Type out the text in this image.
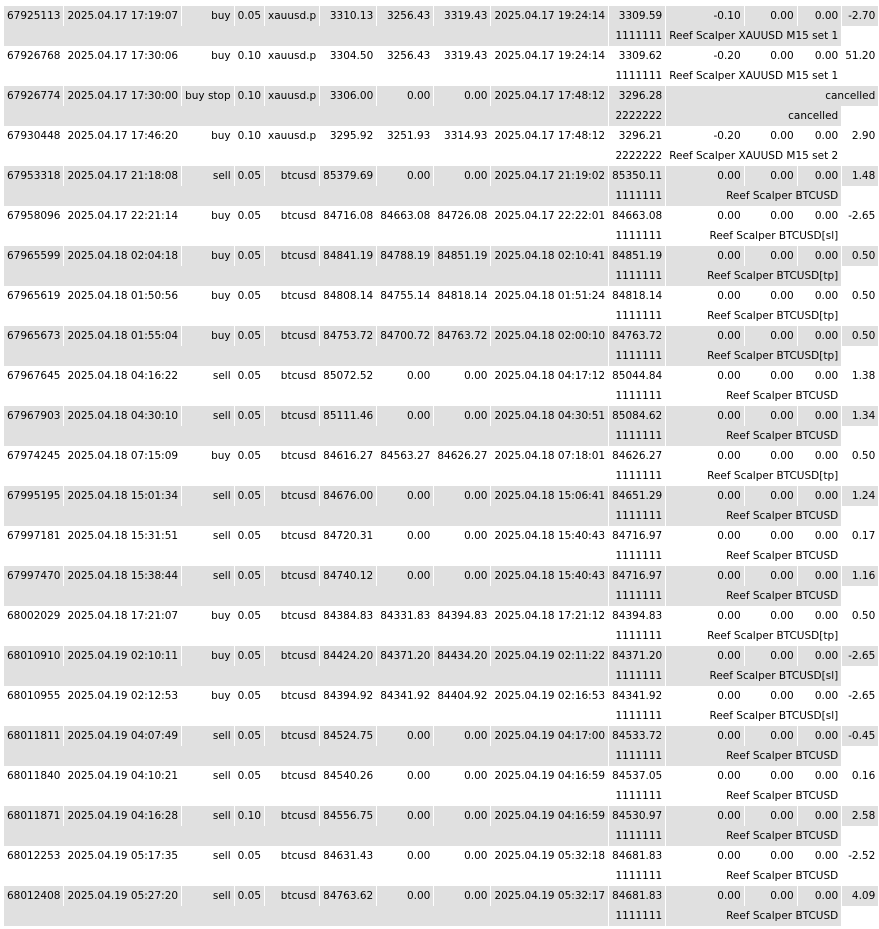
67925113	2025.04.17 17:19:07	buy	0.05	xauusd.p	3310.13	3256.43	3319.43	2025.04.17 19:24:14	3309.59	-0.10	0.00	0.00	-2.70
									1111111	Reef Scalper XAUUSD M15 set 1			
67926768	2025.04.17 17:30:06	buy	0.10	xauusd.p	3304.50	3256.43	3319.43	2025.04.17 19:24:14	3309.62	-0.20	0.00	0.00	51.20
									1111111	Reef Scalper XAUUSD M15 set 1			
67926774	2025.04.17 17:30:00	buy stop	0.10	xauusd.p	3306.00	0.00	0.00	2025.04.17 17:48:12	3296.28	cancelled			
									2222222	cancelled			
67930448	2025.04.17 17:46:20	buy	0.10	xauusd.p	3295.92	3251.93	3314.93	2025.04.17 17:48:12	3296.21	-0.20	0.00	0.00	2.90
									2222222	Reef Scalper XAUUSD M15 set 2			
67953318	2025.04.17 21:18:08	sell	0.05	btcusd	85379.69	0.00	0.00	2025.04.17 21:19:02	85350.11	0.00	0.00	0.00	1.48
									1111111	Reef Scalper BTCUSD			
67958096	2025.04.17 22:21:14	buy	0.05	btcusd	84716.08	84663.08	84726.08	2025.04.17 22:22:01	84663.08	0.00	0.00	0.00	-2.65
									1111111	Reef Scalper BTCUSD[sl]			
67965599	2025.04.18 02:04:18	buy	0.05	btcusd	84841.19	84788.19	84851.19	2025.04.18 02:10:41	84851.19	0.00	0.00	0.00	0.50
									1111111	Reef Scalper BTCUSD[tp]			
67965619	2025.04.18 01:50:56	buy	0.05	btcusd	84808.14	84755.14	84818.14	2025.04.18 01:51:24	84818.14	0.00	0.00	0.00	0.50
									1111111	Reef Scalper BTCUSD[tp]			
67965673	2025.04.18 01:55:04	buy	0.05	btcusd	84753.72	84700.72	84763.72	2025.04.18 02:00:10	84763.72	0.00	0.00	0.00	0.50
									1111111	Reef Scalper BTCUSD[tp]			
67967645	2025.04.18 04:16:22	sell	0.05	btcusd	85072.52	0.00	0.00	2025.04.18 04:17:12	85044.84	0.00	0.00	0.00	1.38
									1111111	Reef Scalper BTCUSD			
67967903	2025.04.18 04:30:10	sell	0.05	btcusd	85111.46	0.00	0.00	2025.04.18 04:30:51	85084.62	0.00	0.00	0.00	1.34
									1111111	Reef Scalper BTCUSD			
67974245	2025.04.18 07:15:09	buy	0.05	btcusd	84616.27	84563.27	84626.27	2025.04.18 07:18:01	84626.27	0.00	0.00	0.00	0.50
									1111111	Reef Scalper BTCUSD[tp]			
67995195	2025.04.18 15:01:34	sell	0.05	btcusd	84676.00	0.00	0.00	2025.04.18 15:06:41	84651.29	0.00	0.00	0.00	1.24
									1111111	Reef Scalper BTCUSD			
67997181	2025.04.18 15:31:51	sell	0.05	btcusd	84720.31	0.00	0.00	2025.04.18 15:40:43	84716.97	0.00	0.00	0.00	0.17
									1111111	Reef Scalper BTCUSD			
67997470	2025.04.18 15:38:44	sell	0.05	btcusd	84740.12	0.00	0.00	2025.04.18 15:40:43	84716.97	0.00	0.00	0.00	1.16
									1111111	Reef Scalper BTCUSD			
68002029	2025.04.18 17:21:07	buy	0.05	btcusd	84384.83	84331.83	84394.83	2025.04.18 17:21:12	84394.83	0.00	0.00	0.00	0.50
									1111111	Reef Scalper BTCUSD[tp]			
68010910	2025.04.19 02:10:11	buy	0.05	btcusd	84424.20	84371.20	84434.20	2025.04.19 02:11:22	84371.20	0.00	0.00	0.00	-2.65
									1111111	Reef Scalper BTCUSD[sl]			
68010955	2025.04.19 02:12:53	buy	0.05	btcusd	84394.92	84341.92	84404.92	2025.04.19 02:16:53	84341.92	0.00	0.00	0.00	-2.65
									1111111	Reef Scalper BTCUSD[sl]			
68011811	2025.04.19 04:07:49	sell	0.05	btcusd	84524.75	0.00	0.00	2025.04.19 04:17:00	84533.72	0.00	0.00	0.00	-0.45
									1111111	Reef Scalper BTCUSD			
68011840	2025.04.19 04:10:21	sell	0.05	btcusd	84540.26	0.00	0.00	2025.04.19 04:16:59	84537.05	0.00	0.00	0.00	0.16
									1111111	Reef Scalper BTCUSD			
68011871	2025.04.19 04:16:28	sell	0.10	btcusd	84556.75	0.00	0.00	2025.04.19 04:16:59	84530.97	0.00	0.00	0.00	2.58
									1111111	Reef Scalper BTCUSD			
68012253	2025.04.19 05:17:35	sell	0.05	btcusd	84631.43	0.00	0.00	2025.04.19 05:32:18	84681.83	0.00	0.00	0.00	-2.52
									1111111	Reef Scalper BTCUSD			
68012408	2025.04.19 05:27:20	sell	0.05	btcusd	84763.62	0.00	0.00	2025.04.19 05:32:17	84681.83	0.00	0.00	0.00	4.09
									1111111	Reef Scalper BTCUSD			
